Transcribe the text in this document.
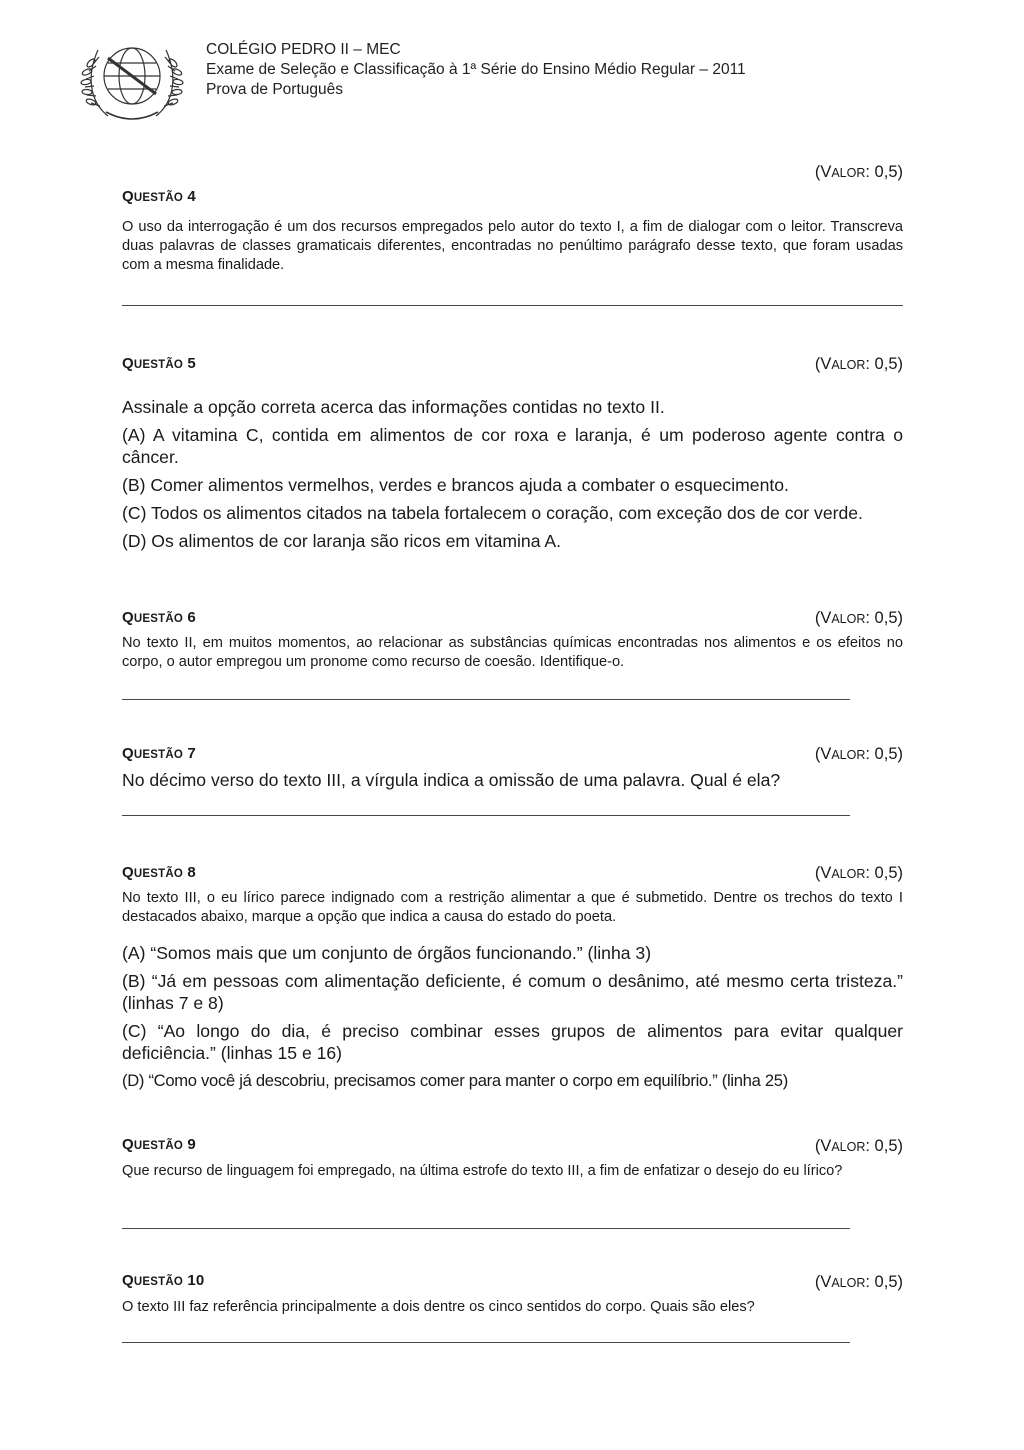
COLÉGIO PEDRO II – MEC
Exame de Seleção e Classificação à 1ª Série do Ensino Médio Regular – 2011
Prova de Português
(VALOR: 0,5)
QUESTÃO 4
O uso da interrogação é um dos recursos empregados pelo autor do texto I, a fim de dialogar com o leitor. Transcreva duas palavras de classes gramaticais diferentes, encontradas no penúltimo parágrafo desse texto, que foram usadas com a mesma finalidade.
QUESTÃO 5	(VALOR: 0,5)
Assinale a opção correta acerca das informações contidas no texto II.
(A) A vitamina C, contida em alimentos de cor roxa e laranja, é um poderoso agente contra o câncer.
(B) Comer alimentos vermelhos, verdes e brancos ajuda a combater o esquecimento.
(C) Todos os alimentos citados na tabela fortalecem o coração, com exceção dos de cor verde.
(D) Os alimentos de cor laranja são ricos em vitamina A.
QUESTÃO 6	(VALOR: 0,5)
No texto II, em muitos momentos, ao relacionar as substâncias químicas encontradas nos alimentos e os efeitos no corpo, o autor empregou um pronome como recurso de coesão. Identifique-o.
QUESTÃO 7	(VALOR: 0,5)
No décimo verso do texto III, a vírgula indica a omissão de uma palavra. Qual é ela?
QUESTÃO 8	(VALOR: 0,5)
No texto III, o eu lírico parece indignado com a restrição alimentar a que é submetido. Dentre os trechos do texto I destacados abaixo, marque a opção que indica a causa do estado do poeta.
(A) “Somos mais que um conjunto de órgãos funcionando.” (linha 3)
(B) “Já em pessoas com alimentação deficiente, é comum o desânimo, até mesmo certa tristeza.” (linhas 7 e 8)
(C) “Ao longo do dia, é preciso combinar esses grupos de alimentos para evitar qualquer deficiência.” (linhas 15 e 16)
(D) “Como você já descobriu, precisamos comer para manter o corpo em equilíbrio.” (linha 25)
QUESTÃO 9	(VALOR: 0,5)
Que recurso de linguagem foi empregado, na última estrofe do texto III, a fim de enfatizar o desejo do eu lírico?
QUESTÃO 10	(VALOR: 0,5)
O texto III faz referência principalmente a dois dentre os cinco sentidos do corpo. Quais são eles?
